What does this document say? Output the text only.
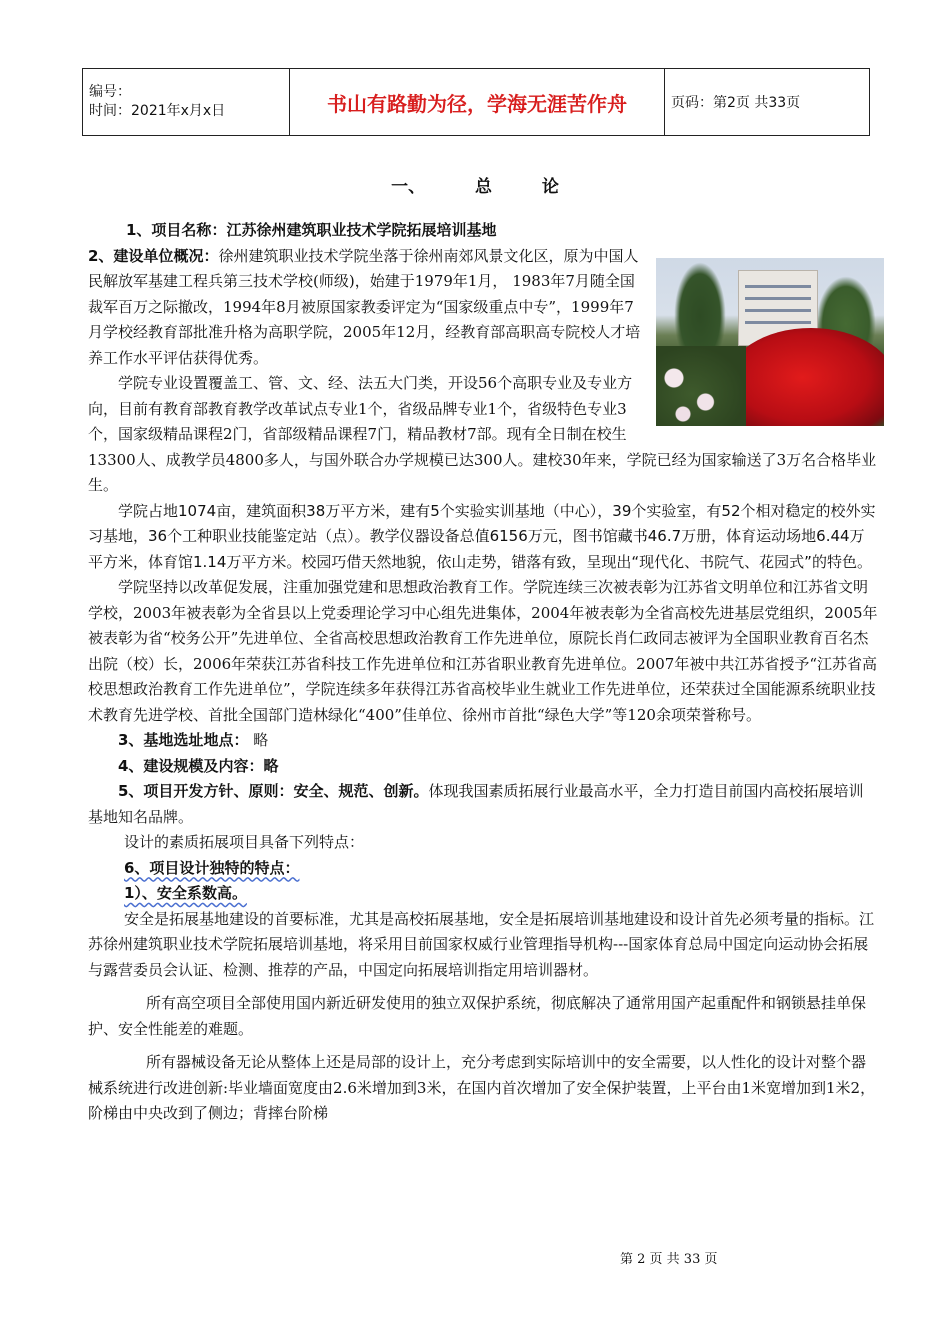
编号：
时间：2021年x月x日	书山有路勤为径，学海无涯苦作舟	页码：第2页 共33页
一、	总	论

1、项目名称：江苏徐州建筑职业技术学院拓展培训基地

2、建设单位概况：
徐州建筑职业技术学院坐落于徐州南郊风景文化区，原为中国人民解放军基建工程兵第三技术学校(师级)，始建于1979年1月， 1983年7月随全国裁军百万之际撤改，1994年8月被原国家教委评定为“国家级重点中专”，1999年7月学校经教育部批准升格为高职学院，2005年12月，经教育部高职高专院校人才培养工作水平评估获得优秀。

学院专业设置覆盖工、管、文、经、法五大门类，开设56个高职专业及专业方向，目前有教育部教育教学改革试点专业1个，省级品牌专业1个，省级特色专业3个，国家级精品课程2门，省部级精品课程7门，精品教材7部。现有全日制在校生13300人、成教学员4800多人，与国外联合办学规模已达300人。建校30年来，学院已经为国家输送了3万名合格毕业生。

学院占地1074亩，建筑面积38万平方米，建有5个实验实训基地（中心），39个实验室，有52个相对稳定的校外实习基地，36个工种职业技能鉴定站（点）。教学仪器设备总值6156万元，图书馆藏书46.7万册，体育运动场地6.44万平方米，体育馆1.14万平方米。校园巧借天然地貌，依山走势，错落有致，呈现出“现代化、书院气、花园式”的特色。

学院坚持以改革促发展，注重加强党建和思想政治教育工作。学院连续三次被表彰为江苏省文明单位和江苏省文明学校，2003年被表彰为全省县以上党委理论学习中心组先进集体，2004年被表彰为全省高校先进基层党组织，2005年被表彰为省“校务公开”先进单位、全省高校思想政治教育工作先进单位，原院长肖仁政同志被评为全国职业教育百名杰出院（校）长，2006年荣获江苏省科技工作先进单位和江苏省职业教育先进单位。2007年被中共江苏省授予“江苏省高校思想政治教育工作先进单位”，学院连续多年获得江苏省高校毕业生就业工作先进单位，还荣获过全国能源系统职业技术教育先进学校、首批全国部门造林绿化“400”佳单位、徐州市首批“绿色大学”等120余项荣誉称号。

3、基地选址地点： 略

4、建设规模及内容：略

5、项目开发方针、原则：安全、规范、创新。体现我国素质拓展行业最高水平，全力打造目前国内高校拓展培训基地知名品牌。

设计的素质拓展项目具备下列特点：

6、项目设计独特的特点：

1）、安全系数高。

安全是拓展基地建设的首要标准，尤其是高校拓展基地，安全是拓展培训基地建设和设计首先必须考量的指标。江苏徐州建筑职业技术学院拓展培训基地，将采用目前国家权威行业管理指导机构---国家体育总局中国定向运动协会拓展与露营委员会认证、检测、推荐的产品，中国定向拓展培训指定用培训器材。

所有高空项目全部使用国内新近研发使用的独立双保护系统，彻底解决了通常用国产起重配件和钢锁悬挂单保护、安全性能差的难题。

所有器械设备无论从整体上还是局部的设计上，充分考虑到实际培训中的安全需要，以人性化的设计对整个器械系统进行改进创新:毕业墙面宽度由2.6米增加到3米，在国内首次增加了安全保护装置，上平台由1米宽增加到1米2，阶梯由中央改到了侧边；背摔台阶梯

第 2 页 共 33 页
